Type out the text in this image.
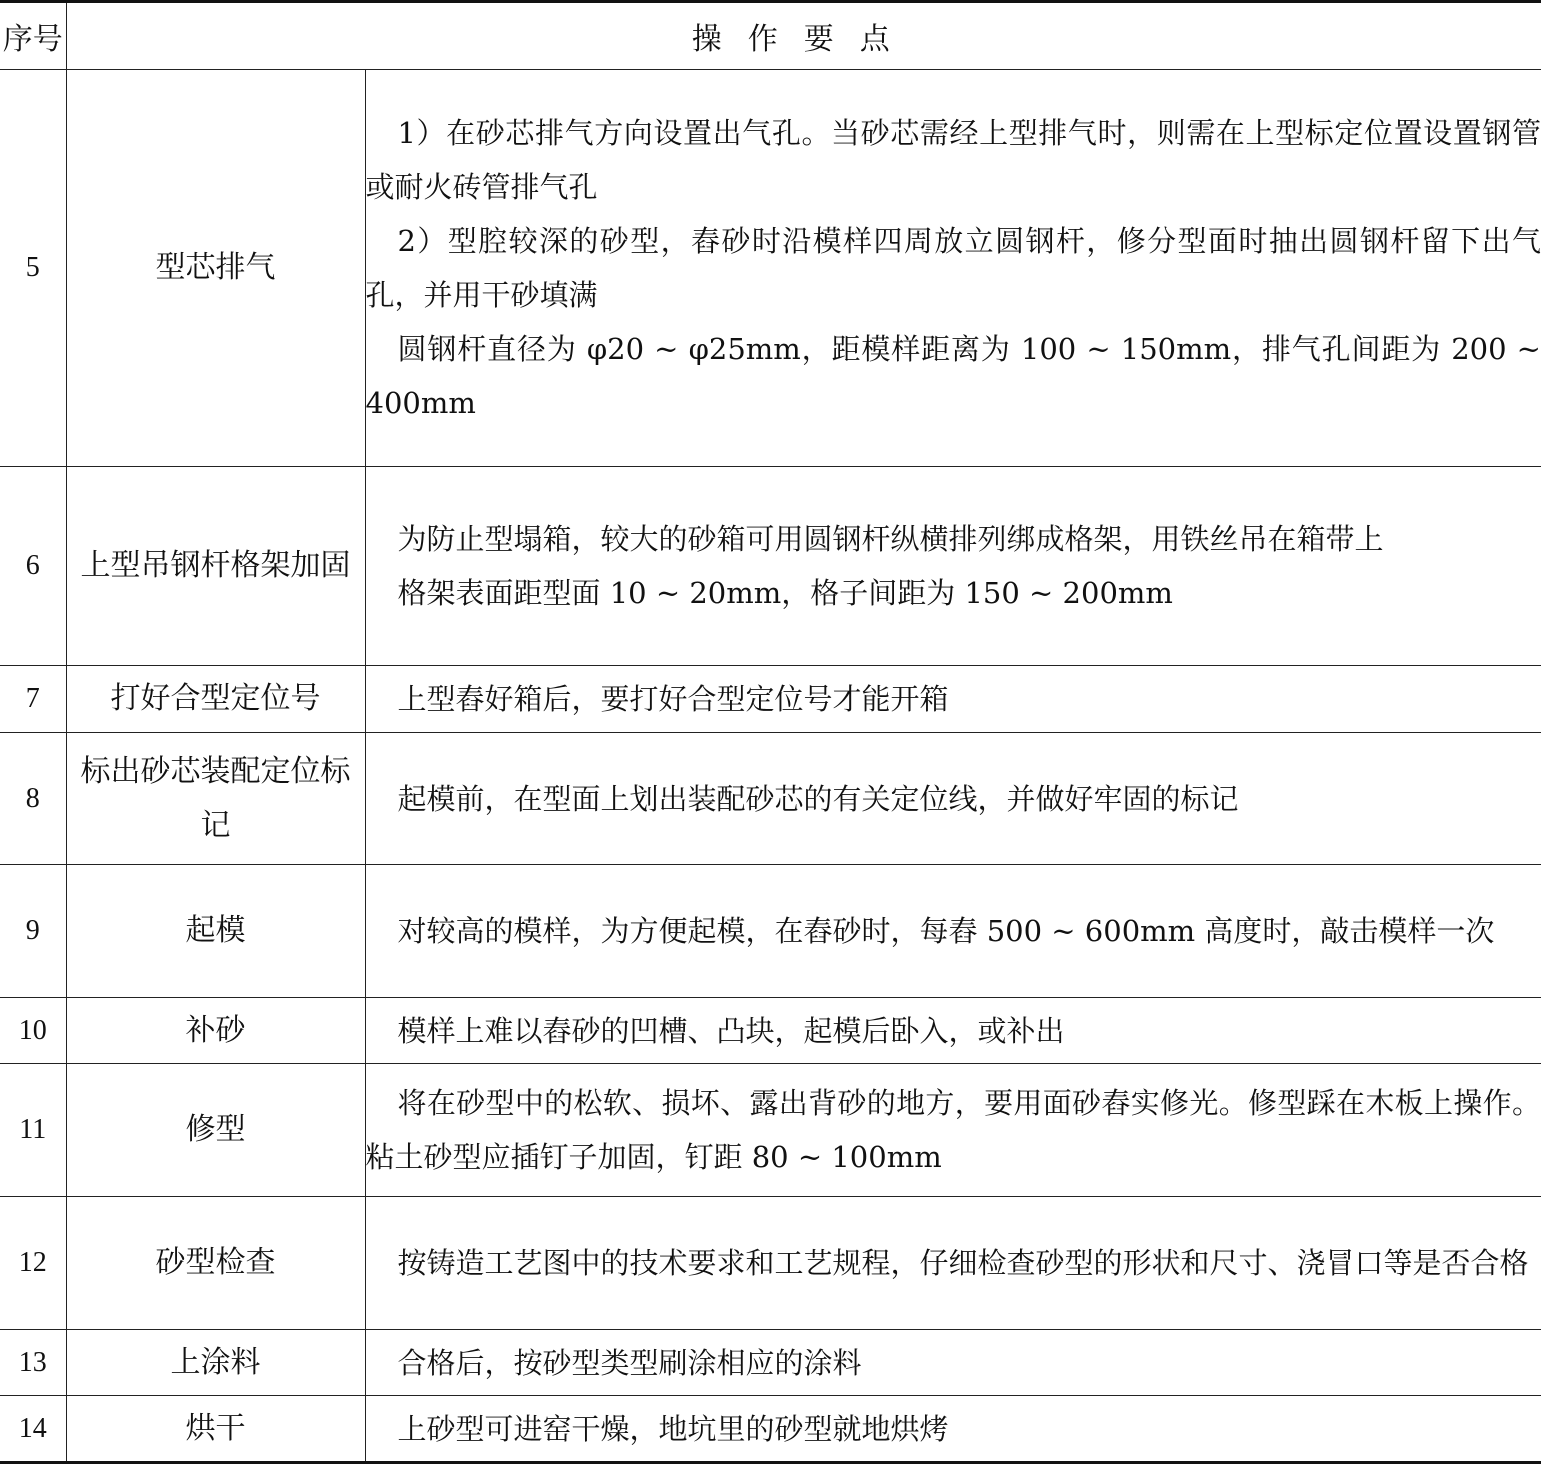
序号	操作要点	
5	型芯排气	1）在砂芯排气方向设置出气孔。当砂芯需经上型排气时，则需在上型标定位置设置钢管或耐火砖管排气孔

2）型腔较深的砂型，舂砂时沿模样四周放立圆钢杆，修分型面时抽出圆钢杆留下出气孔，并用干砂填满

圆钢杆直径为 φ20 ~ φ25mm，距模样距离为 100 ~ 150mm，排气孔间距为 200 ~ 400mm

6	上型吊钢杆格架加固	为防止型塌箱，较大的砂箱可用圆钢杆纵横排列绑成格架，用铁丝吊在箱带上

格架表面距型面 10 ~ 20mm，格子间距为 150 ~ 200mm

7	打好合型定位号	上型舂好箱后，要打好合型定位号才能开箱

8	标出砂芯装配定位标记	起模前，在型面上划出装配砂芯的有关定位线，并做好牢固的标记

9	起模	对较高的模样，为方便起模，在舂砂时，每舂 500 ~ 600mm 高度时，敲击模样一次

10	补砂	模样上难以舂砂的凹槽、凸块，起模后卧入，或补出

11	修型	将在砂型中的松软、损坏、露出背砂的地方，要用面砂舂实修光。修型踩在木板上操作。粘土砂型应插钉子加固，钉距 80 ~ 100mm

12	砂型检查	按铸造工艺图中的技术要求和工艺规程，仔细检查砂型的形状和尺寸、浇冒口等是否合格

13	上涂料	合格后，按砂型类型刷涂相应的涂料

14	烘干	上砂型可进窑干燥，地坑里的砂型就地烘烤
